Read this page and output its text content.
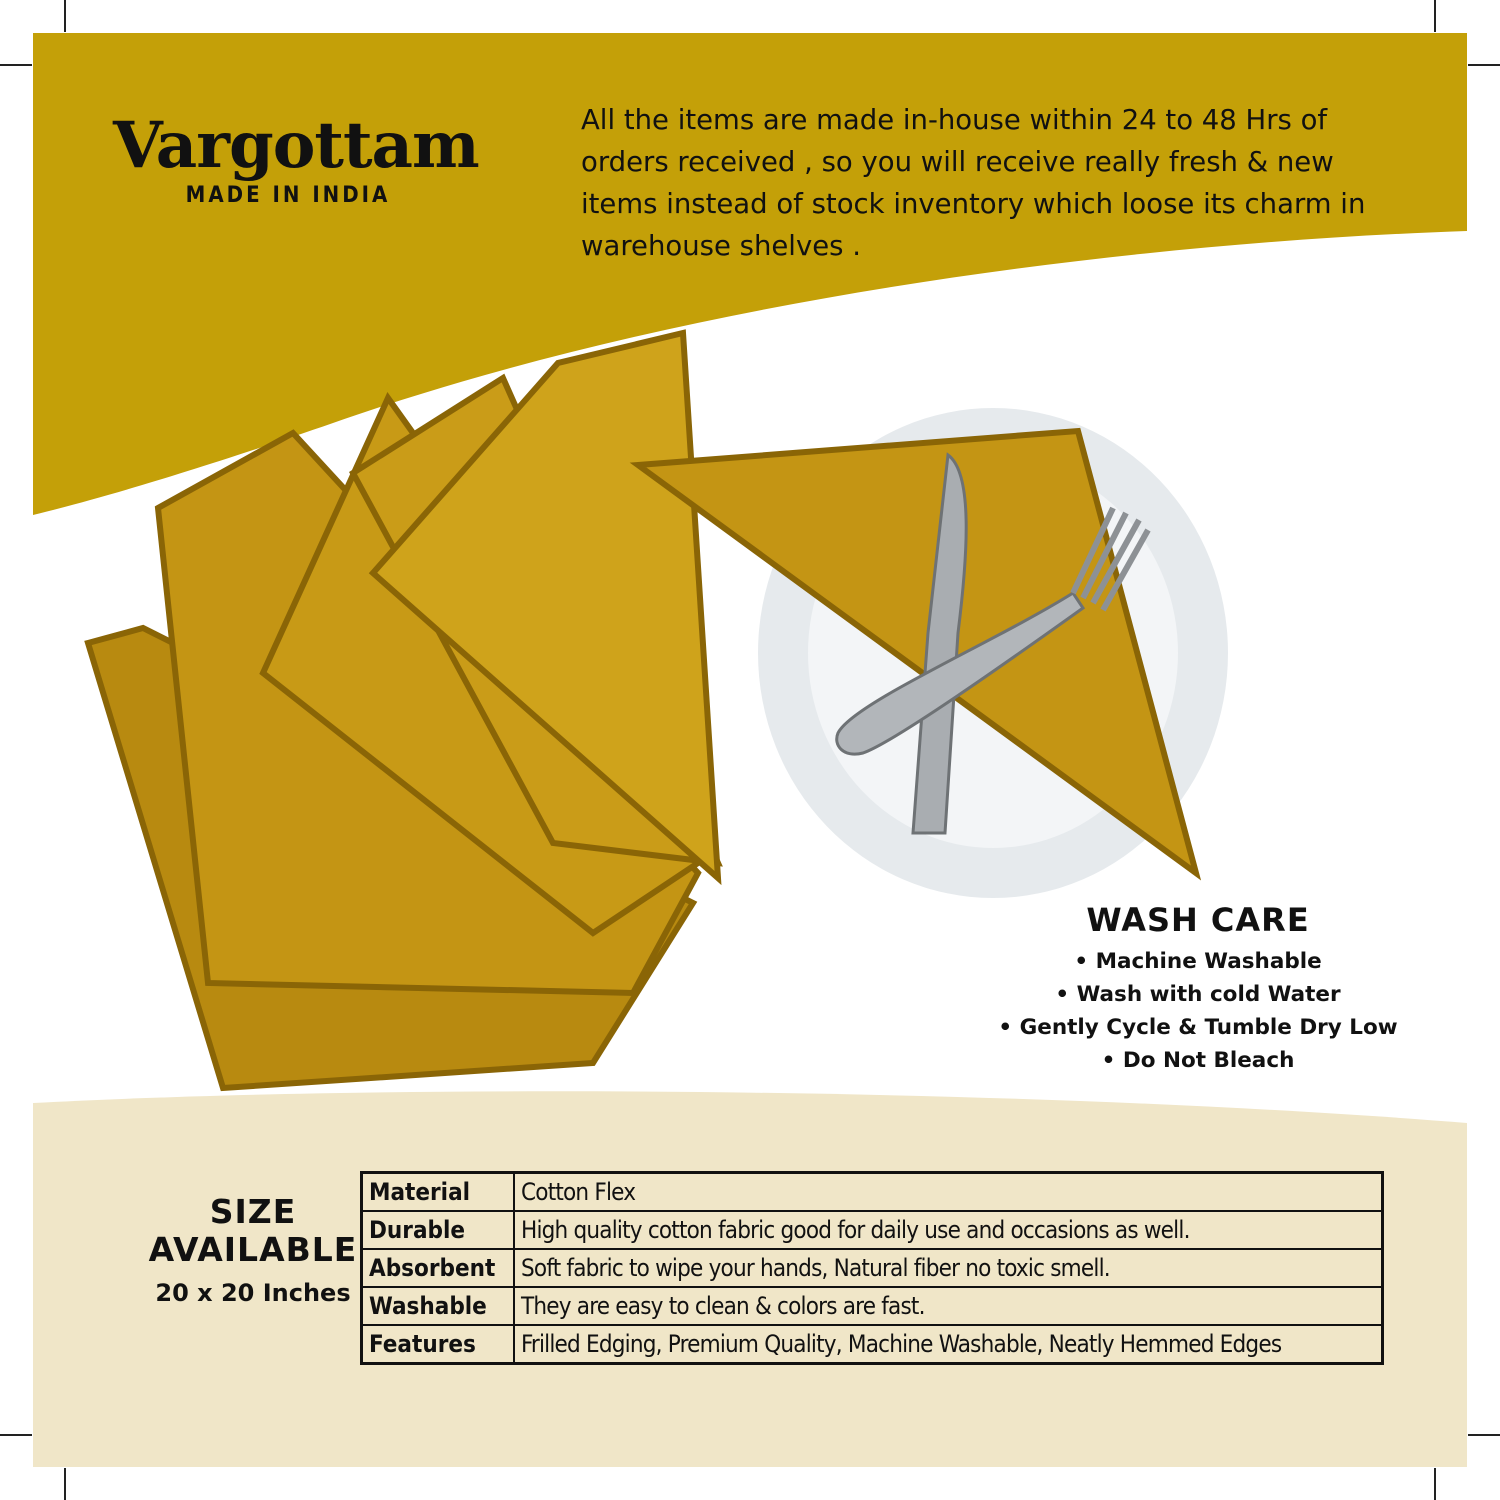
Vargottam
MADE IN INDIA
All the items are made in-house within 24 to 48 Hrs of orders received , so you will receive really fresh & new items instead of stock inventory which loose its charm in warehouse shelves .
WASH CARE
• Machine Washable
• Wash with cold Water
• Gently Cycle & Tumble Dry Low
• Do Not Bleach
SIZE
AVAILABLE
20 x 20 Inches
Material	Cotton Flex
Durable	High quality cotton fabric good for daily use and occasions as well.
Absorbent	Soft fabric to wipe your hands, Natural fiber no toxic smell.
Washable	They are easy to clean & colors are fast.
Features	Frilled Edging, Premium Quality, Machine Washable, Neatly Hemmed Edges
